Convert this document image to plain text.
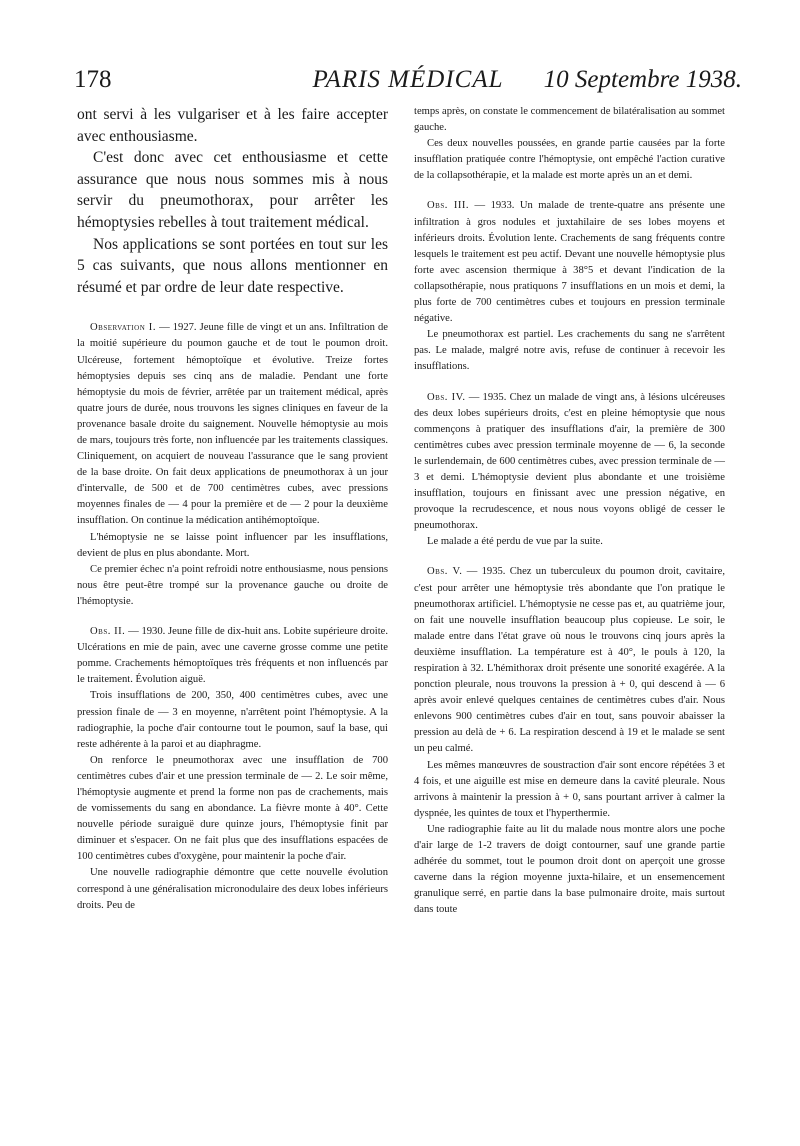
178	PARIS MÉDICAL	10 Septembre 1938.

ont servi à les vulgariser et à les faire accepter avec enthousiasme.

C'est donc avec cet enthousiasme et cette assurance que nous nous sommes mis à nous servir du pneumothorax, pour arrêter les hémoptysies rebelles à tout traitement médical.

Nos applications se sont portées en tout sur les 5 cas suivants, que nous allons mentionner en résumé et par ordre de leur date respective.

Observation I. — 1927. Jeune fille de vingt et un ans. Infiltration de la moitié supérieure du poumon gauche et de tout le poumon droit. Ulcéreuse, fortement hémoptoïque et évolutive. Treize fortes hémoptysies depuis ses cinq ans de maladie. Pendant une forte hémoptysie du mois de février, arrêtée par un traitement médical, après quatre jours de durée, nous trouvons les signes cliniques en faveur de la provenance basale droite du saignement. Nouvelle hémoptysie au mois de mars, toujours très forte, non influencée par les traitements classiques. Cliniquement, on acquiert de nouveau l'assurance que le sang provient de la base droite. On fait deux applications de pneumothorax à un jour d'intervalle, de 500 et de 700 centimètres cubes, avec pressions moyennes finales de — 4 pour la première et de — 2 pour la deuxième insufflation. On continue la médication antihémoptoïque.

L'hémoptysie ne se laisse point influencer par les insufflations, devient de plus en plus abondante. Mort.

Ce premier échec n'a point refroidi notre enthousiasme, nous pensions nous être peut-être trompé sur la provenance gauche ou droite de l'hémoptysie.

Obs. II. — 1930. Jeune fille de dix-huit ans. Lobite supérieure droite. Ulcérations en mie de pain, avec une caverne grosse comme une petite pomme. Crachements hémoptoïques très fréquents et non influencés par le traitement. Évolution aiguë.

Trois insufflations de 200, 350, 400 centimètres cubes, avec une pression finale de — 3 en moyenne, n'arrêtent point l'hémoptysie. A la radiographie, la poche d'air contourne tout le poumon, sauf la base, qui reste adhérente à la paroi et au diaphragme.

On renforce le pneumothorax avec une insufflation de 700 centimètres cubes d'air et une pression terminale de — 2. Le soir même, l'hémoptysie augmente et prend la forme non pas de crachements, mais de vomissements du sang en abondance. La fièvre monte à 40°. Cette nouvelle période suraiguë dure quinze jours, l'hémoptysie finit par diminuer et s'espacer. On ne fait plus que des insufflations espacées de 100 centimètres cubes d'oxygène, pour maintenir la poche d'air.

Une nouvelle radiographie démontre que cette nouvelle évolution correspond à une généralisation micronodulaire des deux lobes inférieurs droits. Peu de

temps après, on constate le commencement de bilatéralisation au sommet gauche.

Ces deux nouvelles poussées, en grande partie causées par la forte insufflation pratiquée contre l'hémoptysie, ont empêché l'action curative de la collapsothérapie, et la malade est morte après un an et demi.

Obs. III. — 1933. Un malade de trente-quatre ans présente une infiltration à gros nodules et juxtahilaire de ses lobes moyens et inférieurs droits. Évolution lente. Crachements de sang fréquents contre lesquels le traitement est peu actif. Devant une nouvelle hémoptysie plus forte avec ascension thermique à 38°5 et devant l'indication de la collapsothérapie, nous pratiquons 7 insufflations en un mois et demi, la plus forte de 700 centimètres cubes et toujours en pression terminale négative.

Le pneumothorax est partiel. Les crachements du sang ne s'arrêtent pas. Le malade, malgré notre avis, refuse de continuer à recevoir les insufflations.

Obs. IV. — 1935. Chez un malade de vingt ans, à lésions ulcéreuses des deux lobes supérieurs droits, c'est en pleine hémoptysie que nous commençons à pratiquer des insufflations d'air, la première de 300 centimètres cubes avec pression terminale moyenne de — 6, la seconde le surlendemain, de 600 centimètres cubes, avec pression terminale de — 3 et demi. L'hémoptysie devient plus abondante et une troisième insufflation, toujours en finissant avec une pression négative, en provoque la recrudescence, et nous nous voyons obligé de cesser le pneumothorax.

Le malade a été perdu de vue par la suite.

Obs. V. — 1935. Chez un tuberculeux du poumon droit, cavitaire, c'est pour arrêter une hémoptysie très abondante que l'on pratique le pneumothorax artificiel. L'hémoptysie ne cesse pas et, au quatrième jour, on fait une nouvelle insufflation beaucoup plus copieuse. Le soir, le malade entre dans l'état grave où nous le trouvons cinq jours après la deuxième insufflation. La température est à 40°, le pouls à 120, la respiration à 32. L'hémithorax droit présente une sonorité exagérée. A la ponction pleurale, nous trouvons la pression à + 0, qui descend à — 6 après avoir enlevé quelques centaines de centimètres cubes d'air. Nous enlevons 900 centimètres cubes d'air en tout, sans pouvoir abaisser la pression au delà de + 6. La respiration descend à 19 et le malade se sent un peu calmé.

Les mêmes manœuvres de soustraction d'air sont encore répétées 3 et 4 fois, et une aiguille est mise en demeure dans la cavité pleurale. Nous arrivons à maintenir la pression à + 0, sans pourtant arriver à calmer la dyspnée, les quintes de toux et l'hyperthermie.

Une radiographie faite au lit du malade nous montre alors une poche d'air large de 1-2 travers de doigt contourner, sauf une grande partie adhérée du sommet, tout le poumon droit dont on aperçoit une grosse caverne dans la région moyenne juxta-hilaire, et un ensemencement granulique serré, en partie dans la base pulmonaire droite, mais surtout dans toute
